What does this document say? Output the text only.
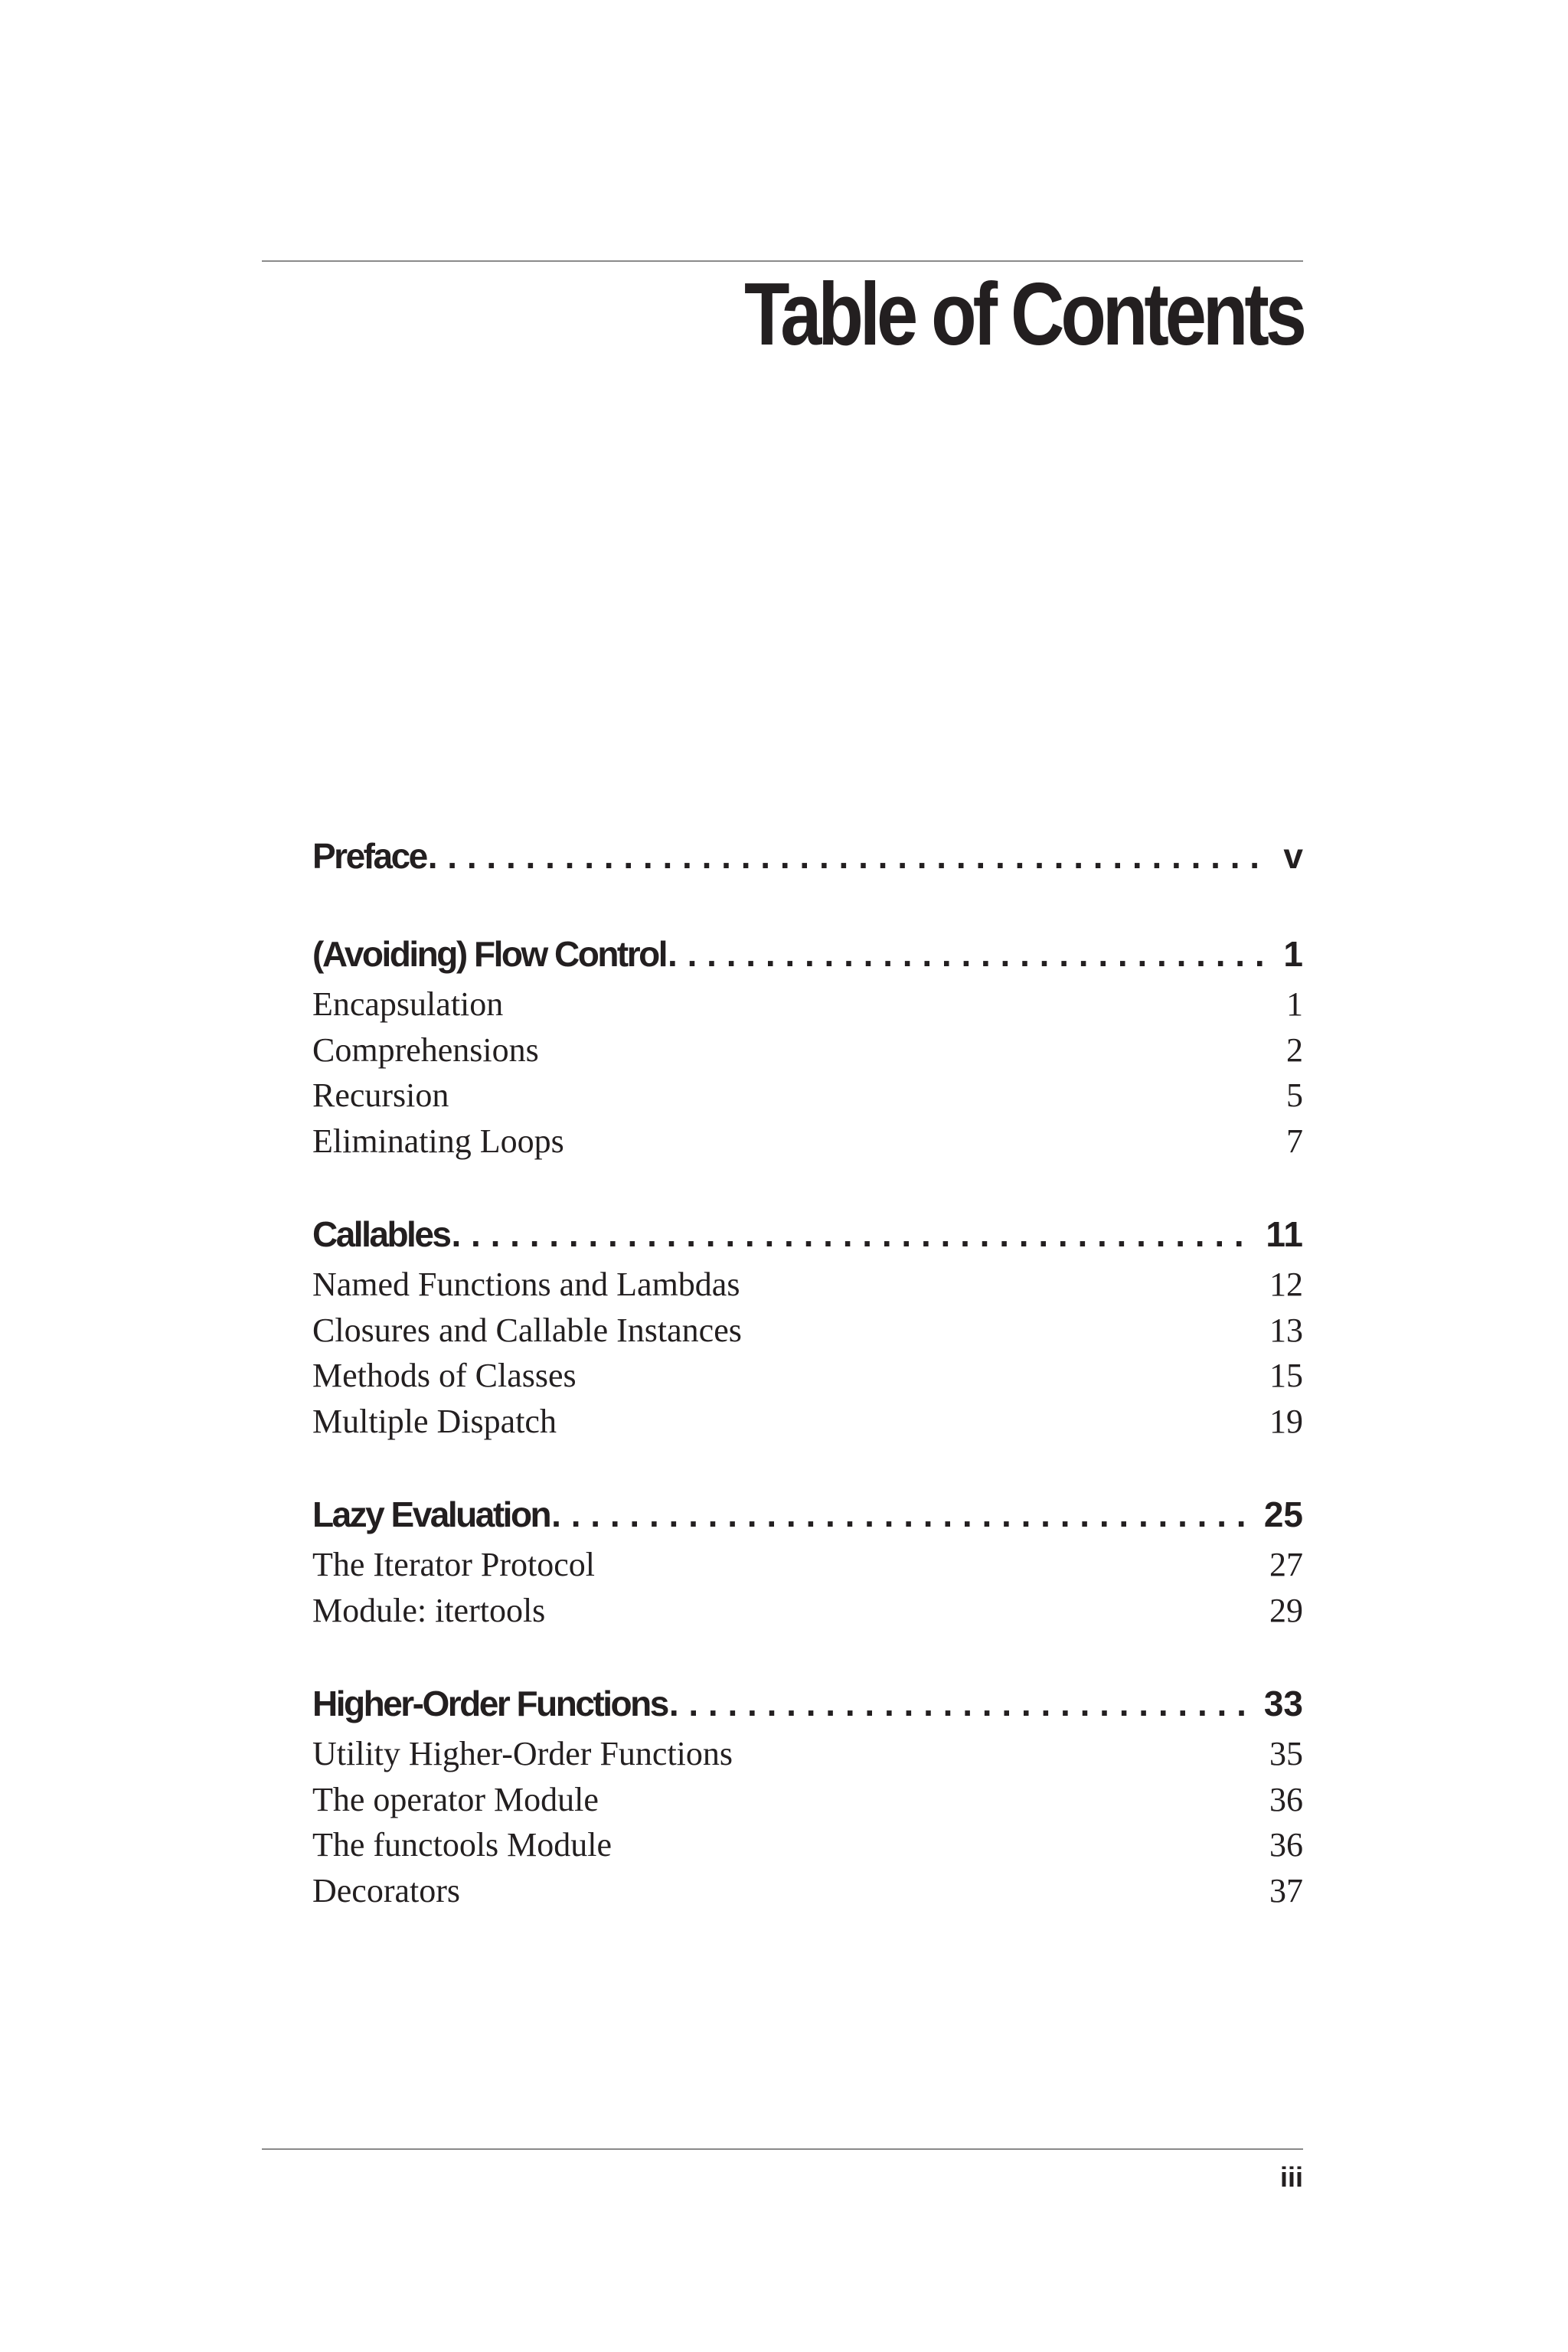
Table of Contents
Preface . . .	v
(Avoiding) Flow Control . . .	1
Encapsulation	1
Comprehensions	2
Recursion	5
Eliminating Loops	7
Callables . . .	11
Named Functions and Lambdas	12
Closures and Callable Instances	13
Methods of Classes	15
Multiple Dispatch	19
Lazy Evaluation . . .	25
The Iterator Protocol	27
Module: itertools	29
Higher-Order Functions . . .	33
Utility Higher-Order Functions	35
The operator Module	36
The functools Module	36
Decorators	37
iii
